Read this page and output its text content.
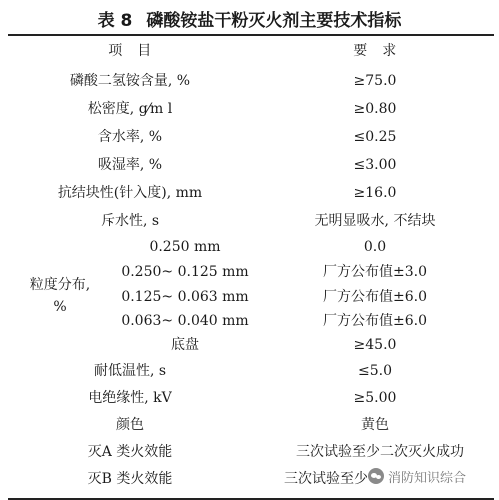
表 8 磷酸铵盐干粉灭火剂主要技术指标
项　目	要　求
磷酸二氢铵含量, %	≥75.0
松密度, g⁄m l	≥0.80
含水率, %	≤0.25
吸湿率, %	≤3.00
抗结块性(针入度), mm	≥16.0
斥水性, s	无明显吸水, 不结块
粒度分布,
%
0.250 mm	0.0
0.250~ 0.125 mm	厂方公布值±3.0
0.125~ 0.063 mm	厂方公布值±6.0
0.063~ 0.040 mm	厂方公布值±6.0
底盘	≥45.0
耐低温性, s	≤5.0
电绝缘性, kV	≥5.00
颜色	黄色
灭A 类火效能	三次试验至少二次灭火成功
灭B 类火效能	三次试验至少	消防知识综合
